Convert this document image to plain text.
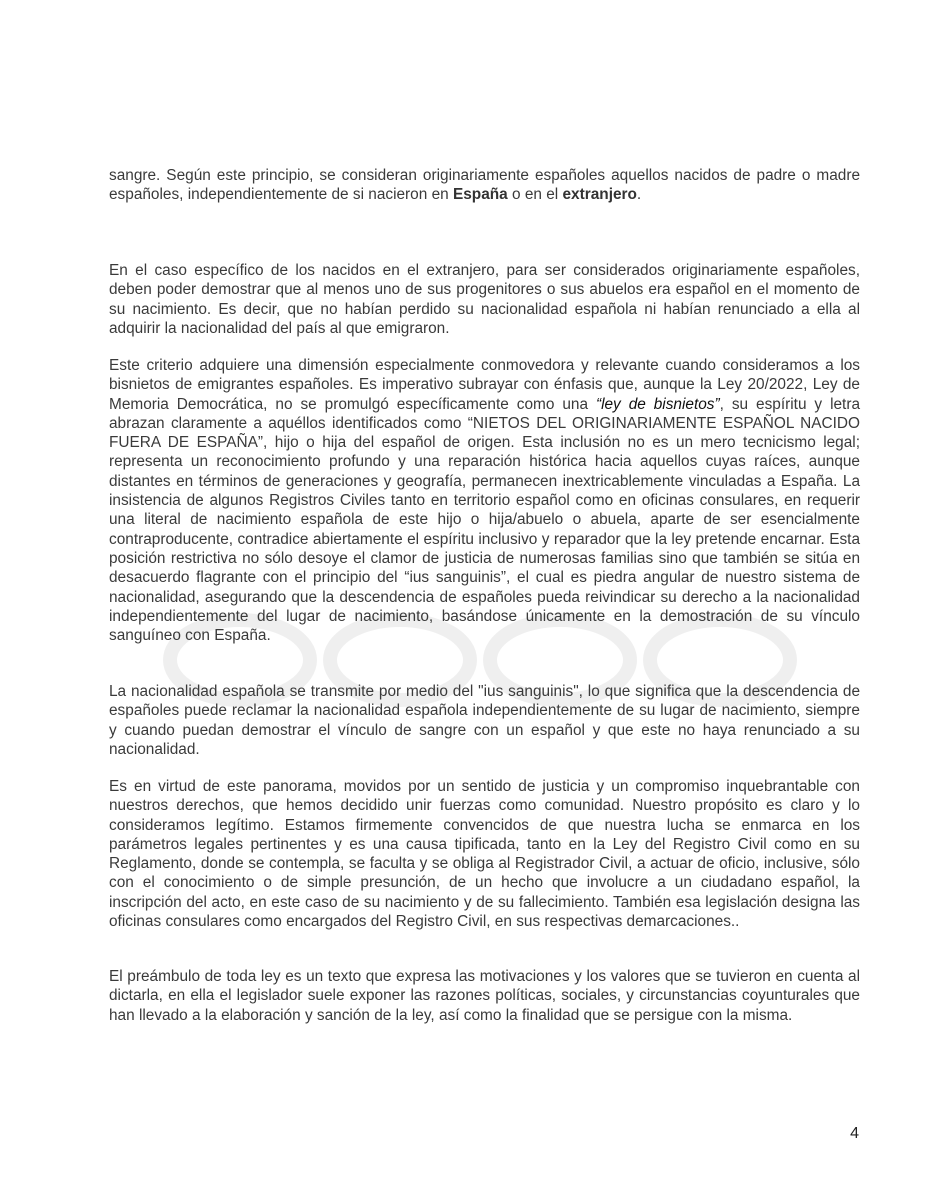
sangre. Según este principio, se consideran originariamente españoles aquellos nacidos de padre o madre españoles, independientemente de si nacieron en España o en el extranjero.

En el caso específico de los nacidos en el extranjero, para ser considerados originariamente españoles, deben poder demostrar que al menos uno de sus progenitores o sus abuelos era español en el momento de su nacimiento. Es decir, que no habían perdido su nacionalidad española ni habían renunciado a ella al adquirir la nacionalidad del país al que emigraron.

Este criterio adquiere una dimensión especialmente conmovedora y relevante cuando consideramos a los bisnietos de emigrantes españoles. Es imperativo subrayar con énfasis que, aunque la Ley 20/2022, Ley de Memoria Democrática, no se promulgó específicamente como una “ley de bisnietos”, su espíritu y letra abrazan claramente a aquéllos identificados como “NIETOS DEL ORIGINARIAMENTE ESPAÑOL NACIDO FUERA DE ESPAÑA”, hijo o hija del español de origen. Esta inclusión no es un mero tecnicismo legal; representa un reconocimiento profundo y una reparación histórica hacia aquellos cuyas raíces, aunque distantes en términos de generaciones y geografía, permanecen inextricablemente vinculadas a España. La insistencia de algunos Registros Civiles tanto en territorio español como en oficinas consulares, en requerir una literal de nacimiento española de este hijo o hija/abuelo o abuela, aparte de ser esencialmente contraproducente, contradice abiertamente el espíritu inclusivo y reparador que la ley pretende encarnar. Esta posición restrictiva no sólo desoye el clamor de justicia de numerosas familias sino que también se sitúa en desacuerdo flagrante con el principio del “ius sanguinis”, el cual es piedra angular de nuestro sistema de nacionalidad, asegurando que la descendencia de españoles pueda reivindicar su derecho a la nacionalidad independientemente del lugar de nacimiento, basándose únicamente en la demostración de su vínculo sanguíneo con España.

La nacionalidad española se transmite por medio del "ius sanguinis", lo que significa que la descendencia de españoles puede reclamar la nacionalidad española independientemente de su lugar de nacimiento, siempre y cuando puedan demostrar el vínculo de sangre con un español y que este no haya renunciado a su nacionalidad.

Es en virtud de este panorama, movidos por un sentido de justicia y un compromiso inquebrantable con nuestros derechos, que hemos decidido unir fuerzas como comunidad. Nuestro propósito es claro y lo consideramos legítimo. Estamos firmemente convencidos de que nuestra lucha se enmarca en los parámetros legales pertinentes y es una causa tipificada, tanto en la Ley del Registro Civil como en su Reglamento, donde se contempla, se faculta y se obliga al Registrador Civil, a actuar de oficio, inclusive, sólo con el conocimiento o de simple presunción, de un hecho que involucre a un ciudadano español, la inscripción del acto, en este caso de su nacimiento y de su fallecimiento. También esa legislación designa las oficinas consulares como encargados del Registro Civil, en sus respectivas demarcaciones..

El preámbulo de toda ley es un texto que expresa las motivaciones y los valores que se tuvieron en cuenta al dictarla, en ella el legislador suele exponer las razones políticas, sociales, y circunstancias coyunturales que han llevado a la elaboración y sanción de la ley, así como la finalidad que se persigue con la misma.

4
